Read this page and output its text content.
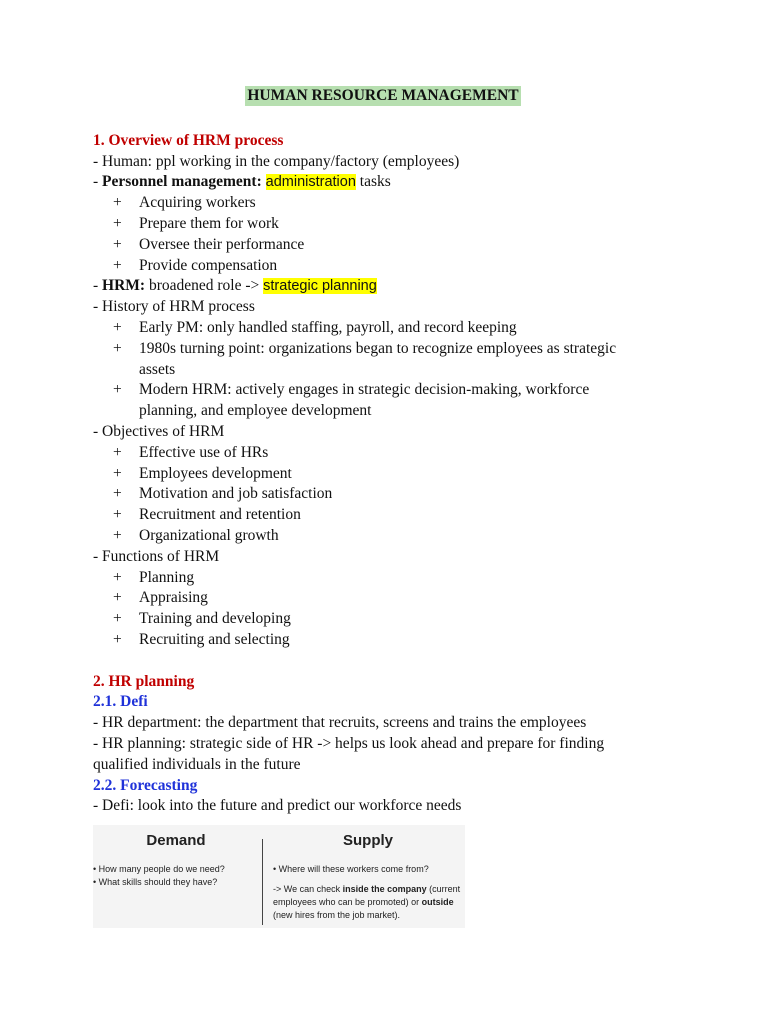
HUMAN RESOURCE MANAGEMENT
1. Overview of HRM process
- Human: ppl working in the company/factory (employees)
- Personnel management: administration tasks
+	Acquiring workers
+	Prepare them for work
+	Oversee their performance
+	Provide compensation
- HRM: broadened role -> strategic planning
- History of HRM process
+	Early PM: only handled staffing, payroll, and record keeping
+	1980s turning point: organizations began to recognize employees as strategic assets
+	Modern HRM: actively engages in strategic decision-making, workforce planning, and employee development
- Objectives of HRM
+	Effective use of HRs
+	Employees development
+	Motivation and job satisfaction
+	Recruitment and retention
+	Organizational growth
- Functions of HRM
+	Planning
+	Appraising
+	Training and developing
+	Recruiting and selecting
2. HR planning
2.1. Defi
- HR department: the department that recruits, screens and trains the employees
- HR planning: strategic side of HR -> helps us look ahead and prepare for finding qualified individuals in the future
2.2. Forecasting
- Defi: look into the future and predict our workforce needs
Demand
• How many people do we need?
• What skills should they have?
Supply
• Where will these workers come from?
-> We can check inside the company (current employees who can be promoted) or outside (new hires from the job market).
